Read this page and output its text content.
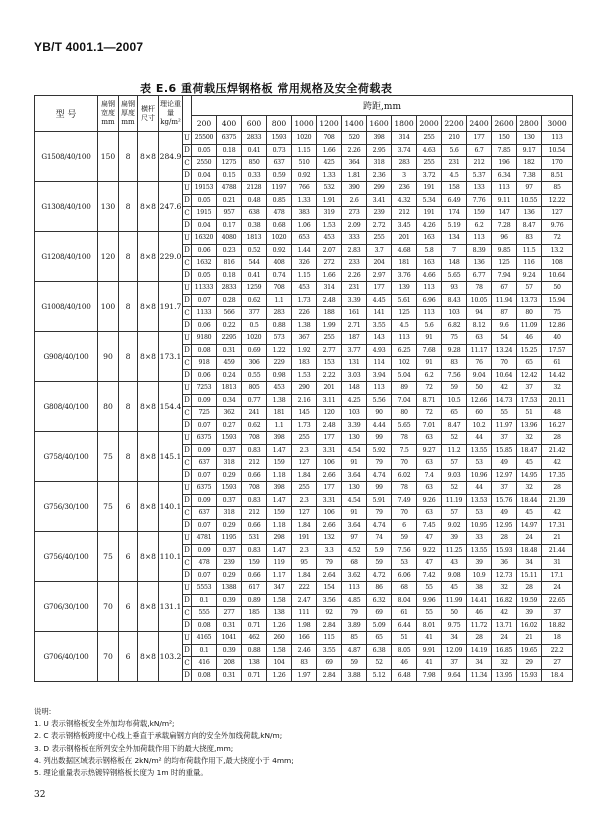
YB/T 4001.1—2007
表 E.6 重荷载压焊钢格板 常用规格及安全荷载表
型 号	扁钢宽度 mm	扁钢厚度 mm	横杆尺寸	理论重量 kg/m²		跨距,mm														
						200	400	600	800	1000	1200	1400	1600	1800	2000	2200	2400	2600	2800	3000
G1508/40/100	150	8	8×8	284.9	U	25500	6375	2833	1593	1020	708	520	398	314	255	210	177	150	130	113
					D	0.05	0.18	0.41	0.73	1.15	1.66	2.26	2.95	3.74	4.63	5.6	6.7	7.85	9.17	10.54
					C	2550	1275	850	637	510	425	364	318	283	255	231	212	196	182	170
					D	0.04	0.15	0.33	0.59	0.92	1.33	1.81	2.36	3	3.72	4.5	5.37	6.34	7.38	8.51
G1308/40/100	130	8	8×8	247.6	U	19153	4788	2128	1197	766	532	390	299	236	191	158	133	113	97	85
					D	0.05	0.21	0.48	0.85	1.33	1.91	2.6	3.41	4.32	5.34	6.49	7.76	9.11	10.55	12.22
					C	1915	957	638	478	383	319	273	239	212	191	174	159	147	136	127
					D	0.04	0.17	0.38	0.68	1.06	1.53	2.09	2.72	3.45	4.26	5.19	6.2	7.28	8.47	9.76
G1208/40/100	120	8	8×8	229.0	U	16320	4080	1813	1020	653	453	333	255	201	163	134	113	96	83	72
					D	0.06	0.23	0.52	0.92	1.44	2.07	2.83	3.7	4.68	5.8	7	8.39	9.85	11.5	13.2
					C	1632	816	544	408	326	272	233	204	181	163	148	136	125	116	108
					D	0.05	0.18	0.41	0.74	1.15	1.66	2.26	2.97	3.76	4.66	5.65	6.77	7.94	9.24	10.64
G1008/40/100	100	8	8×8	191.7	U	11333	2833	1259	708	453	314	231	177	139	113	93	78	67	57	50
					D	0.07	0.28	0.62	1.1	1.73	2.48	3.39	4.45	5.61	6.96	8.43	10.05	11.94	13.73	15.94
					C	1133	566	377	283	226	188	161	141	125	113	103	94	87	80	75
					D	0.06	0.22	0.5	0.88	1.38	1.99	2.71	3.55	4.5	5.6	6.82	8.12	9.6	11.09	12.86
G908/40/100	90	8	8×8	173.1	U	9180	2295	1020	573	367	255	187	143	113	91	75	63	54	46	40
					D	0.08	0.31	0.69	1.22	1.92	2.77	3.77	4.93	6.25	7.68	9.28	11.17	13.24	15.25	17.57
					C	918	459	306	229	183	153	131	114	102	91	83	76	70	65	61
					D	0.06	0.24	0.55	0.98	1.53	2.22	3.03	3.94	5.04	6.2	7.56	9.04	10.64	12.42	14.42
G808/40/100	80	8	8×8	154.4	U	7253	1813	805	453	290	201	148	113	89	72	59	50	42	37	32
					D	0.09	0.34	0.77	1.38	2.16	3.11	4.25	5.56	7.04	8.71	10.5	12.66	14.73	17.53	20.11
					C	725	362	241	181	145	120	103	90	80	72	65	60	55	51	48
					D	0.07	0.27	0.62	1.1	1.73	2.48	3.39	4.44	5.65	7.01	8.47	10.2	11.97	13.96	16.27
G758/40/100	75	8	8×8	145.1	U	6375	1593	708	398	255	177	130	99	78	63	52	44	37	32	28
					D	0.09	0.37	0.83	1.47	2.3	3.31	4.54	5.92	7.5	9.27	11.2	13.55	15.85	18.47	21.42
					C	637	318	212	159	127	106	91	79	70	63	57	53	49	45	42
					D	0.07	0.29	0.66	1.18	1.84	2.66	3.64	4.74	6.02	7.4	9.03	10.96	12.97	14.95	17.35
G756/30/100	75	6	8×8	140.1	U	6375	1593	708	398	255	177	130	99	78	63	52	44	37	32	28
					D	0.09	0.37	0.83	1.47	2.3	3.31	4.54	5.91	7.49	9.26	11.19	13.53	15.76	18.44	21.39
					C	637	318	212	159	127	106	91	79	70	63	57	53	49	45	42
					D	0.07	0.29	0.66	1.18	1.84	2.66	3.64	4.74	6	7.45	9.02	10.95	12.95	14.97	17.31
G756/40/100	75	6	8×8	110.1	U	4781	1195	531	298	191	132	97	74	59	47	39	33	28	24	21
					D	0.09	0.37	0.83	1.47	2.3	3.3	4.52	5.9	7.56	9.22	11.25	13.55	15.93	18.48	21.44
					C	478	239	159	119	95	79	68	59	53	47	43	39	36	34	31
					D	0.07	0.29	0.66	1.17	1.84	2.64	3.62	4.72	6.06	7.42	9.08	10.9	12.73	15.11	17.1
G706/30/100	70	6	8×8	131.1	U	5553	1388	617	347	222	154	113	86	68	55	45	38	32	28	24
					D	0.1	0.39	0.89	1.58	2.47	3.56	4.85	6.32	8.04	9.96	11.99	14.41	16.82	19.59	22.65
					C	555	277	185	138	111	92	79	69	61	55	50	46	42	39	37
					D	0.08	0.31	0.71	1.26	1.98	2.84	3.89	5.09	6.44	8.01	9.75	11.72	13.71	16.02	18.82
G706/40/100	70	6	8×8	103.2	U	4165	1041	462	260	166	115	85	65	51	41	34	28	24	21	18
					D	0.1	0.39	0.88	1.58	2.46	3.55	4.87	6.38	8.05	9.91	12.09	14.19	16.85	19.65	22.2
					C	416	208	138	104	83	69	59	52	46	41	37	34	32	29	27
					D	0.08	0.31	0.71	1.26	1.97	2.84	3.88	5.12	6.48	7.98	9.64	11.34	13.95	15.93	18.4
说明:
1. U 表示钢格板安全外加均布荷载,kN/m²;
2. C 表示钢格板跨度中心线上垂直于承载扁钢方向的安全外加线荷载,kN/m;
3. D 表示钢格板在所列安全外加荷载作用下的最大挠度,mm;
4. 列出数据区域表示钢格板在 2kN/m² 的均布荷载作用下,最大挠度小于 4mm;
5. 理论重量表示热镀锌钢格板长度为 1m 时的重量。
32
